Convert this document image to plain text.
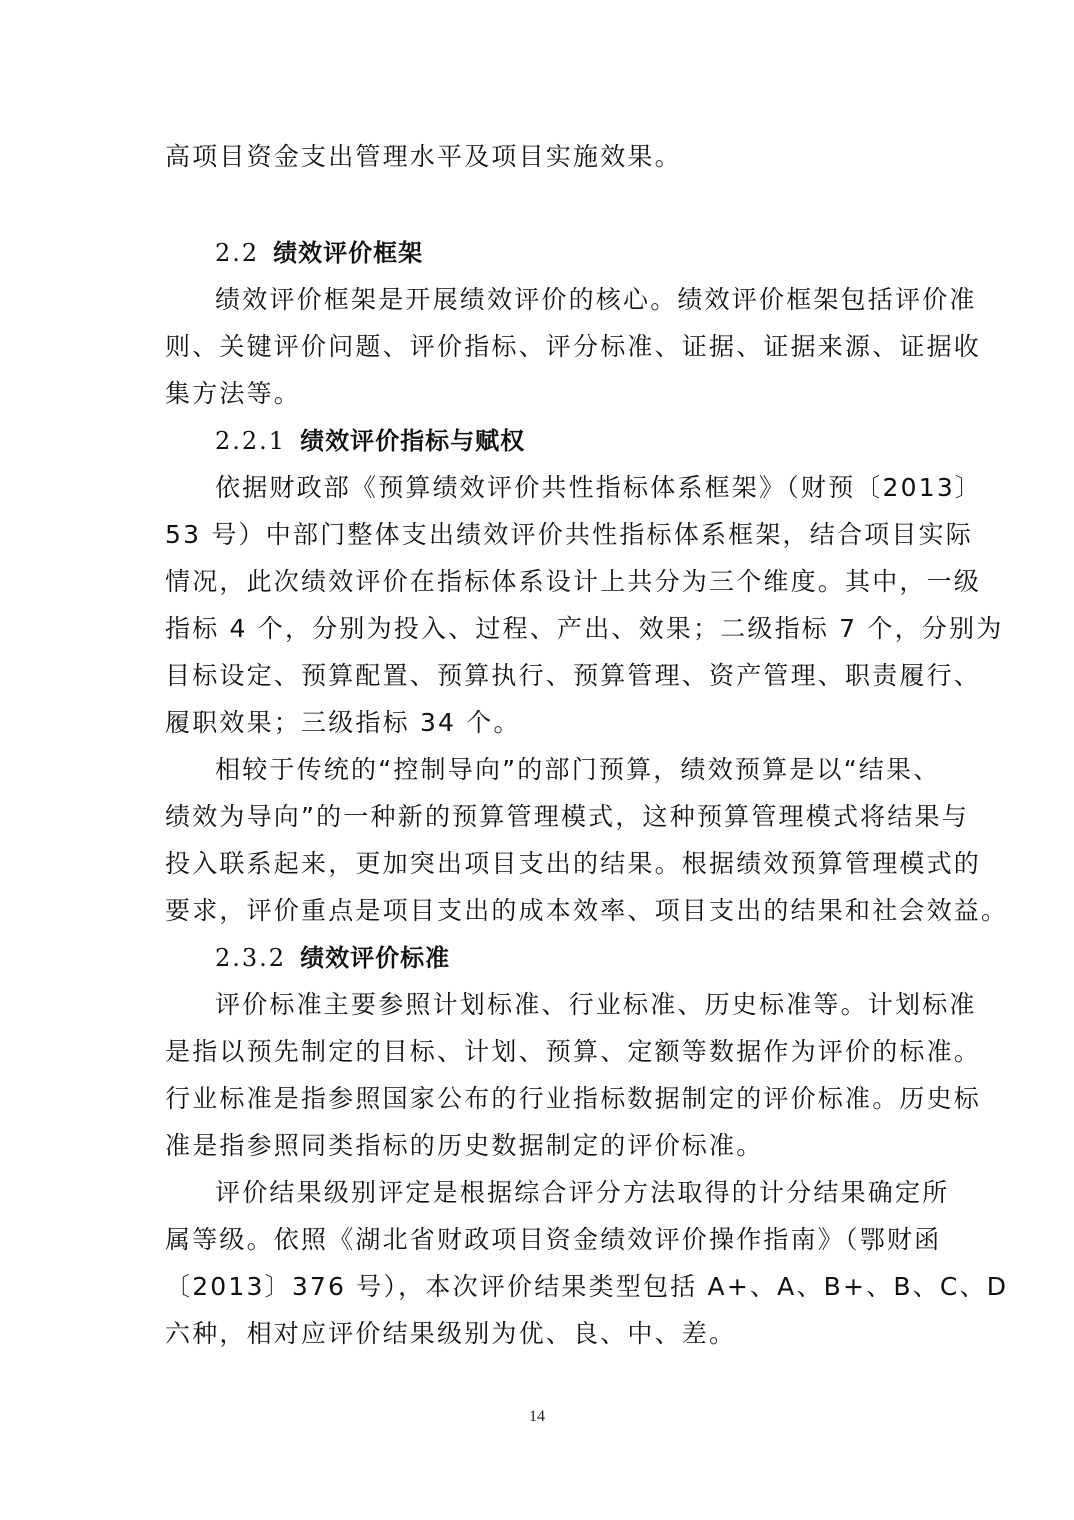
高项目资金支出管理水平及项目实施效果。
2.2 绩效评价框架
绩效评价框架是开展绩效评价的核心。绩效评价框架包括评价准
则、关键评价问题、评价指标、评分标准、证据、证据来源、证据收
集方法等。
2.2.1 绩效评价指标与赋权
依据财政部《预算绩效评价共性指标体系框架》（财预〔2013〕
53 号）中部门整体支出绩效评价共性指标体系框架，结合项目实际
情况，此次绩效评价在指标体系设计上共分为三个维度。其中，一级
指标 4 个，分别为投入、过程、产出、效果；二级指标 7 个，分别为
目标设定、预算配置、预算执行、预算管理、资产管理、职责履行、
履职效果；三级指标 34 个。
相较于传统的“控制导向”的部门预算，绩效预算是以“结果、
绩效为导向”的一种新的预算管理模式，这种预算管理模式将结果与
投入联系起来，更加突出项目支出的结果。根据绩效预算管理模式的
要求，评价重点是项目支出的成本效率、项目支出的结果和社会效益。
2.3.2 绩效评价标准
评价标准主要参照计划标准、行业标准、历史标准等。计划标准
是指以预先制定的目标、计划、预算、定额等数据作为评价的标准。
行业标准是指参照国家公布的行业指标数据制定的评价标准。历史标
准是指参照同类指标的历史数据制定的评价标准。
评价结果级别评定是根据综合评分方法取得的计分结果确定所
属等级。依照《湖北省财政项目资金绩效评价操作指南》（鄂财函
〔2013〕376 号），本次评价结果类型包括 A+、A、B+、B、C、D
六种，相对应评价结果级别为优、良、中、差。
14
